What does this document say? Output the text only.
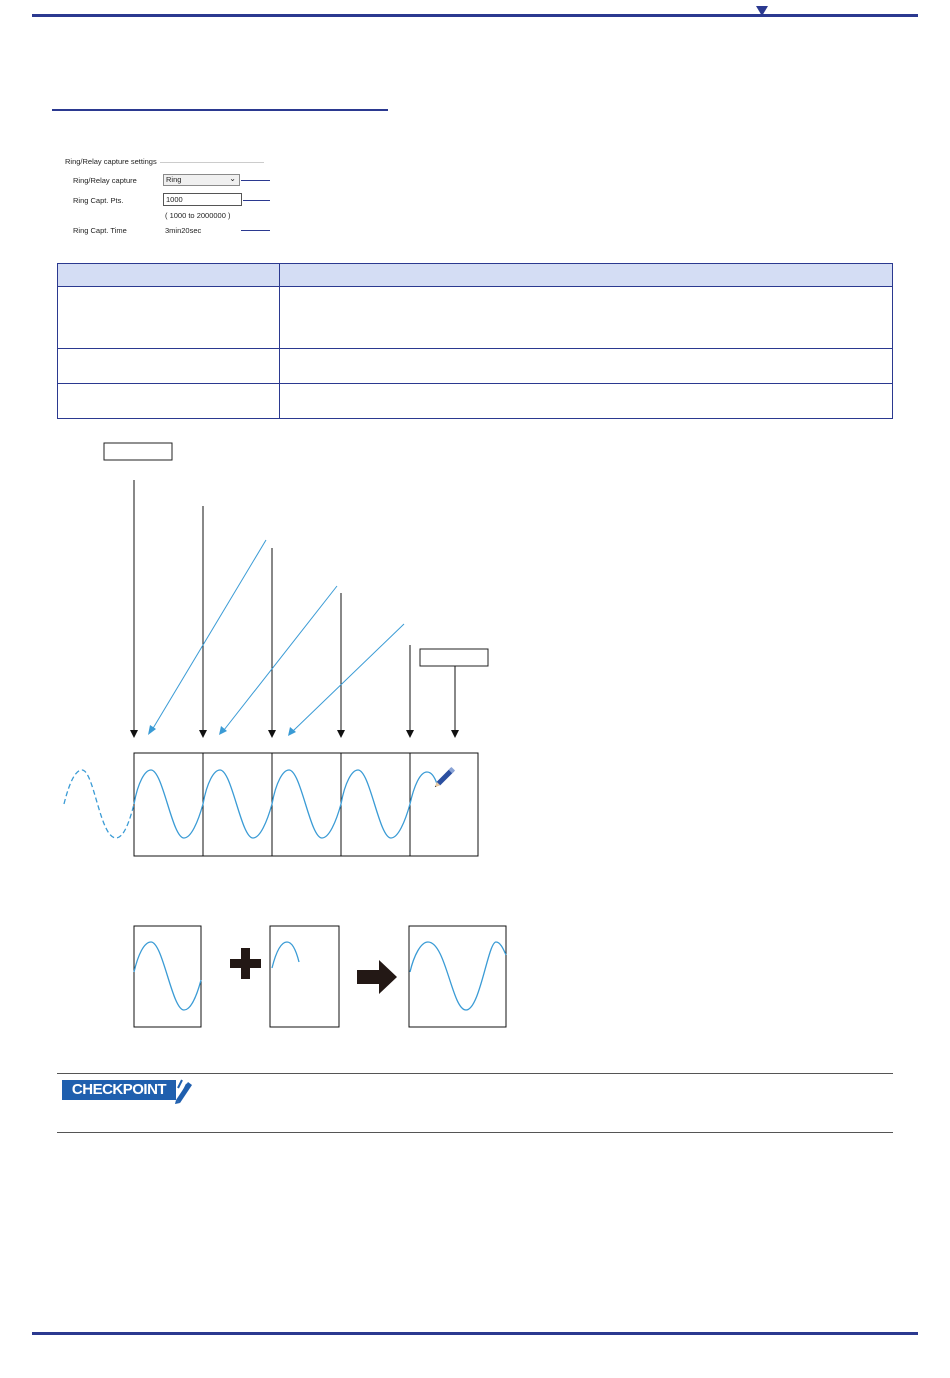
Ring/Relay capture settings
Ring/Relay capture	Ring	⌄
Ring Capt. Pts.	1000
( 1000 to 2000000 )
Ring Capt. Time	3min20sec

CHECKPOINT
